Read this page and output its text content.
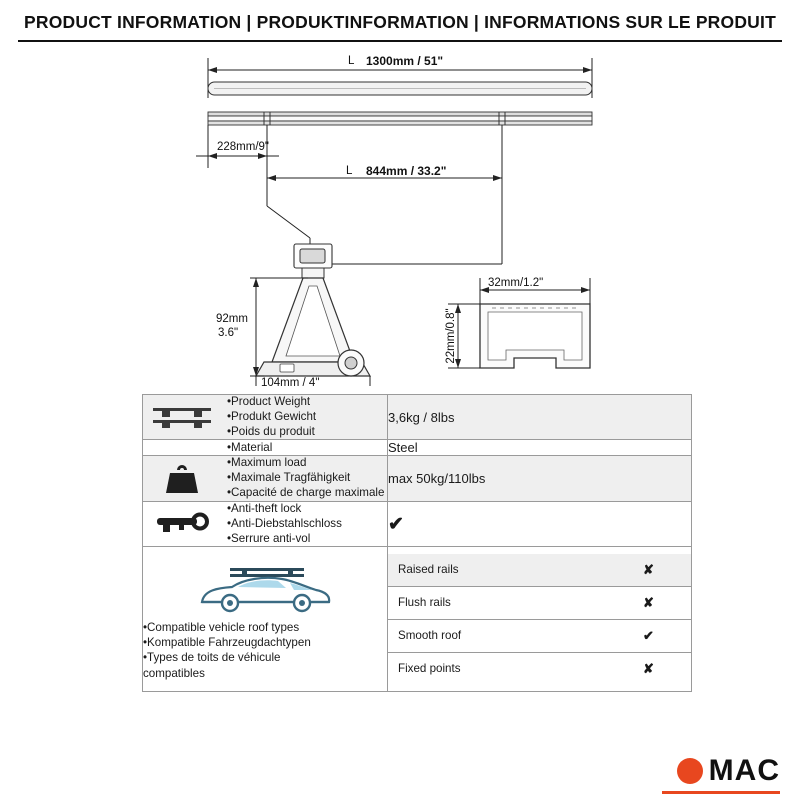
PRODUCT INFORMATION | PRODUKTINFORMATION | INFORMATIONS SUR LE PRODUIT
L 1300mm / 51"
228mm/9"
L 844mm / 33.2"
92mm
3.6"
104mm / 4"
32mm/1.2"
22mm/0.8"
•Product Weight
•Produkt Gewicht
•Poids du produit
	3,6kg / 8lbs

•Material	Steel

•Maximum load
•Maximale Tragfähigkeit
•Capacité de charge maximale
	max 50kg/110lbs

•Anti-theft lock
•Anti-Diebstahlschloss
•Serrure anti-vol
	✔

•Compatible vehicle roof types
•Kompatible Fahrzeugdachtypen
•Types de toits de véhicule
compatibles

Raised rails	✘
Flush rails	✘
Smooth roof	✔
Fixed points	✘
MAC
